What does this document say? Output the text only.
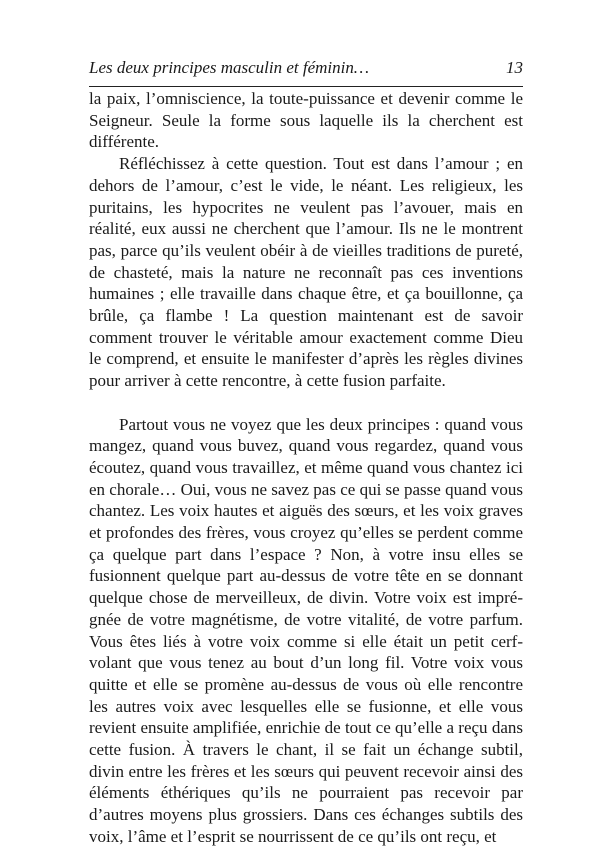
Les deux principes masculin et féminin…	13

la paix, l’omniscience, la toute-puissance et devenir comme le Seigneur. Seule la forme sous laquelle ils la cherchent est différente.

Réfléchissez à cette question. Tout est dans l’amour ; en dehors de l’amour, c’est le vide, le néant. Les religieux, les puritains, les hypocrites ne veulent pas l’avouer, mais en réalité, eux aussi ne cherchent que l’amour. Ils ne le montrent pas, parce qu’ils veulent obéir à de vieilles traditions de pureté, de chasteté, mais la nature ne reconnaît pas ces inventions humaines ; elle travaille dans chaque être, et ça bouillonne, ça brûle, ça flambe ! La question maintenant est de savoir comment trouver le véritable amour exactement comme Dieu le comprend, et ensuite le manifester d’après les règles divines pour arriver à cette rencontre, à cette fusion parfaite.

Partout vous ne voyez que les deux principes : quand vous mangez, quand vous buvez, quand vous regardez, quand vous écoutez, quand vous travaillez, et même quand vous chantez ici en chorale… Oui, vous ne savez pas ce qui se passe quand vous chantez. Les voix hautes et aiguës des sœurs, et les voix graves et profondes des frères, vous croyez qu’elles se perdent comme ça quelque part dans l’espace ? Non, à votre insu elles se fusionnent quelque part au-dessus de votre tête en se donnant quelque chose de merveilleux, de divin. Votre voix est imprégnée de votre magnétisme, de votre vitalité, de votre parfum. Vous êtes liés à votre voix comme si elle était un petit cerf-volant que vous tenez au bout d’un long fil. Votre voix vous quitte et elle se promène au-dessus de vous où elle rencontre les autres voix avec lesquelles elle se fusionne, et elle vous revient ensuite amplifiée, enrichie de tout ce qu’elle a reçu dans cette fusion. À travers le chant, il se fait un échange subtil, divin entre les frères et les sœurs qui peuvent recevoir ainsi des éléments éthériques qu’ils ne pourraient pas recevoir par d’autres moyens plus grossiers. Dans ces échanges subtils des voix, l’âme et l’esprit se nourrissent de ce qu’ils ont reçu, et
